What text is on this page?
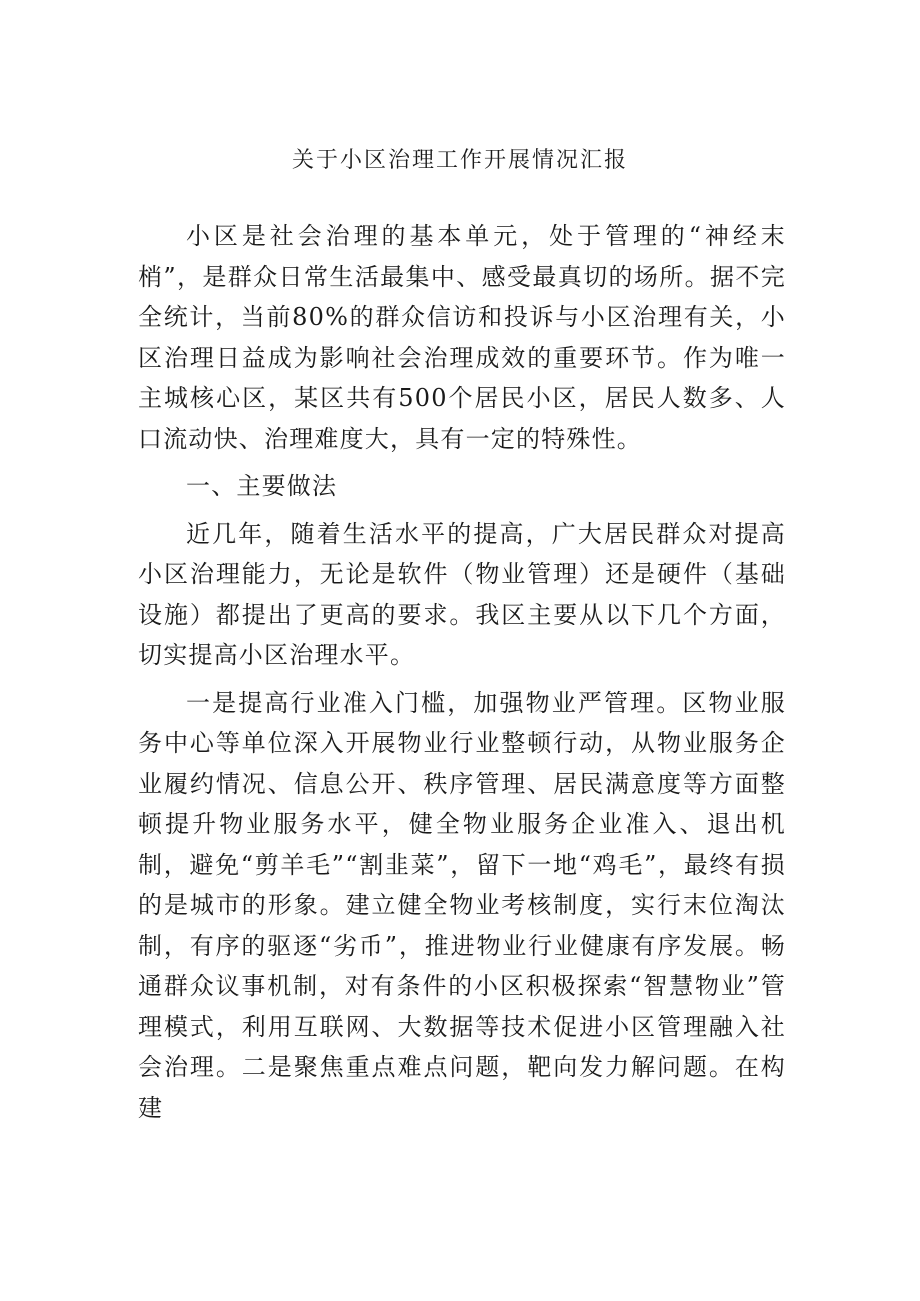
关于小区治理工作开展情况汇报

小区是社会治理的基本单元，处于管理的“神经末梢”，是群众日常生活最集中、感受最真切的场所。据不完全统计，当前80%的群众信访和投诉与小区治理有关，小区治理日益成为影响社会治理成效的重要环节。作为唯一主城核心区，某区共有500个居民小区，居民人数多、人口流动快、治理难度大，具有一定的特殊性。

一、主要做法

近几年，随着生活水平的提高，广大居民群众对提高小区治理能力，无论是软件（物业管理）还是硬件（基础设施）都提出了更高的要求。我区主要从以下几个方面，切实提高小区治理水平。

一是提高行业准入门槛，加强物业严管理。区物业服务中心等单位深入开展物业行业整顿行动，从物业服务企业履约情况、信息公开、秩序管理、居民满意度等方面整顿提升物业服务水平，健全物业服务企业准入、退出机制，避免“剪羊毛”“割韭菜”，留下一地“鸡毛”，最终有损的是城市的形象。建立健全物业考核制度，实行末位淘汰制，有序的驱逐“劣币”，推进物业行业健康有序发展。畅通群众议事机制，对有条件的小区积极探索“智慧物业”管理模式，利用互联网、大数据等技术促进小区管理融入社会治理。二是聚焦重点难点问题，靶向发力解问题。在构建
